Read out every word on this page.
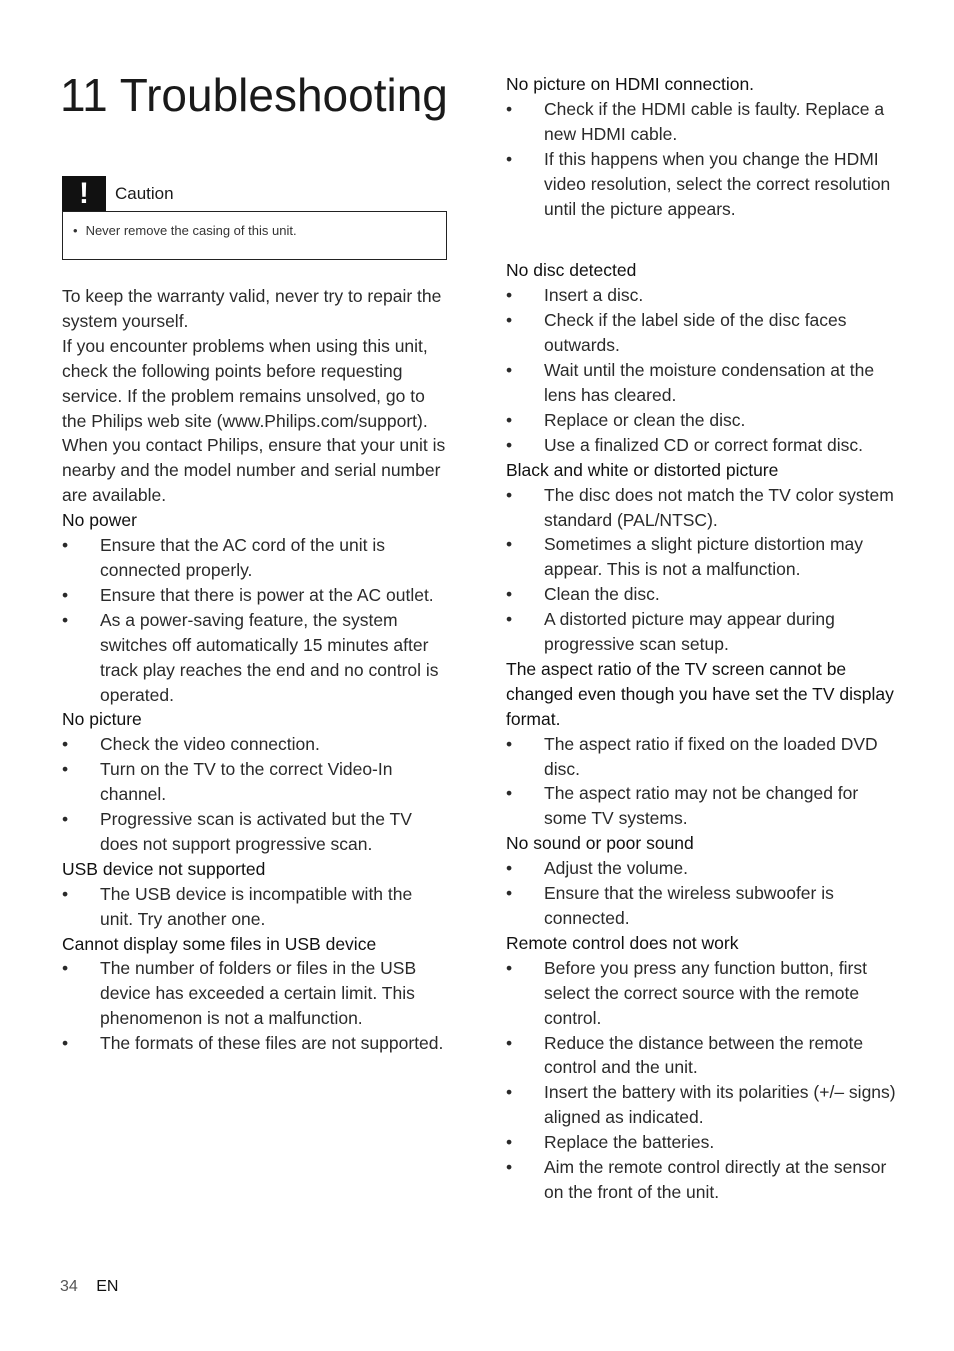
11 Troubleshooting
!	Caution
• Never remove the casing of this unit.

To keep the warranty valid, never try to repair the system yourself.

If you encounter problems when using this unit, check the following points before requesting service. If the problem remains unsolved, go to the Philips web site (www.Philips.com/support). When you contact Philips, ensure that your unit is nearby and the model number and serial number are available.

No power

• Ensure that the AC cord of the unit is connected properly.
• Ensure that there is power at the AC outlet.
• As a power-saving feature, the system switches off automatically 15 minutes after track play reaches the end and no control is operated.

No picture

• Check the video connection.
• Turn on the TV to the correct Video-In channel.
• Progressive scan is activated but the TV does not support progressive scan.

USB device not supported

• The USB device is incompatible with the unit. Try another one.

Cannot display some files in USB device

• The number of folders or files in the USB device has exceeded a certain limit. This phenomenon is not a malfunction.
• The formats of these files are not supported.

No picture on HDMI connection.

• Check if the HDMI cable is faulty. Replace a new HDMI cable.
• If this happens when you change the HDMI video resolution, select the correct resolution until the picture appears.

No disc detected

• Insert a disc.
• Check if the label side of the disc faces outwards.
• Wait until the moisture condensation at the lens has cleared.
• Replace or clean the disc.
• Use a finalized CD or correct format disc.

Black and white or distorted picture

• The disc does not match the TV color system standard (PAL/NTSC).
• Sometimes a slight picture distortion may appear. This is not a malfunction.
• Clean the disc.
• A distorted picture may appear during progressive scan setup.

The aspect ratio of the TV screen cannot be changed even though you have set the TV display format.

• The aspect ratio if fixed on the loaded DVD disc.
• The aspect ratio may not be changed for some TV systems.

No sound or poor sound

• Adjust the volume.
• Ensure that the wireless subwoofer is connected.

Remote control does not work

• Before you press any function button, first select the correct source with the remote control.
• Reduce the distance between the remote control and the unit.
• Insert the battery with its polarities (+/– signs) aligned as indicated.
• Replace the batteries.
• Aim the remote control directly at the sensor on the front of the unit.
34 EN
